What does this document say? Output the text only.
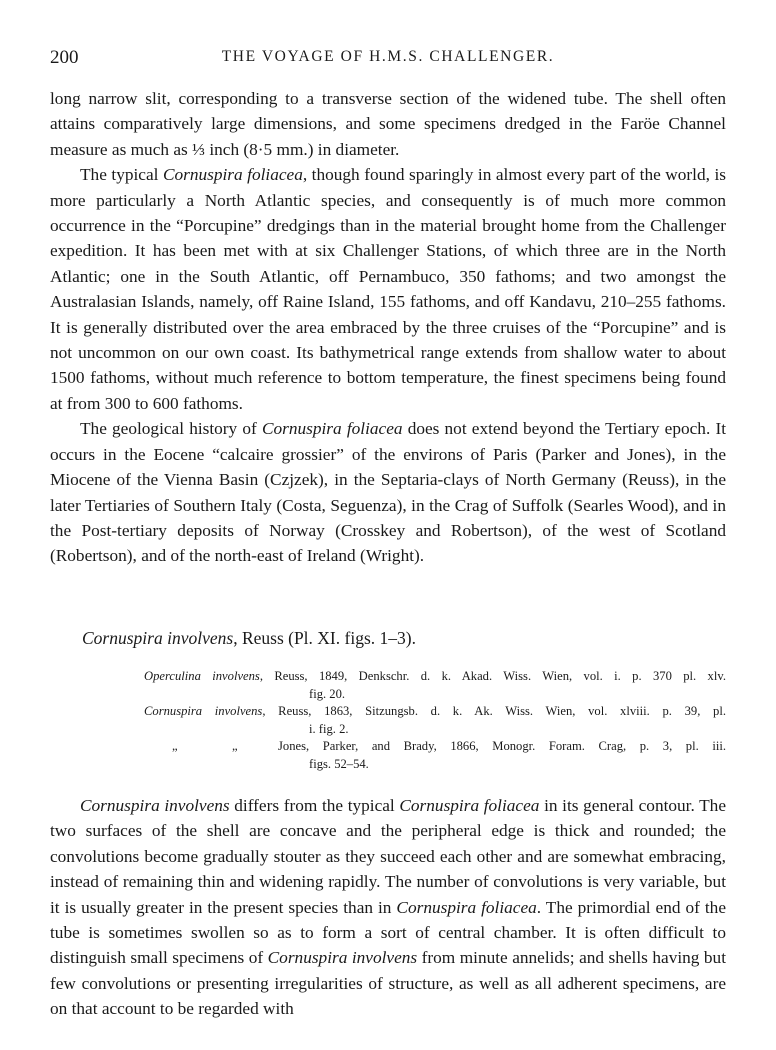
200	THE VOYAGE OF H.M.S. CHALLENGER.

long narrow slit, corresponding to a transverse section of the widened tube. The shell often attains comparatively large dimensions, and some specimens dredged in the Faröe Channel measure as much as ⅓ inch (8·5 mm.) in diameter.

The typical Cornuspira foliacea, though found sparingly in almost every part of the world, is more particularly a North Atlantic species, and consequently is of much more common occurrence in the “Porcupine” dredgings than in the material brought home from the Challenger expedition. It has been met with at six Challenger Stations, of which three are in the North Atlantic; one in the South Atlantic, off Pernambuco, 350 fathoms; and two amongst the Australasian Islands, namely, off Raine Island, 155 fathoms, and off Kandavu, 210–255 fathoms. It is generally distributed over the area embraced by the three cruises of the “Porcupine” and is not uncommon on our own coast. Its bathymetrical range extends from shallow water to about 1500 fathoms, without much reference to bottom temperature, the finest specimens being found at from 300 to 600 fathoms.

The geological history of Cornuspira foliacea does not extend beyond the Tertiary epoch. It occurs in the Eocene “calcaire grossier” of the environs of Paris (Parker and Jones), in the Miocene of the Vienna Basin (Czjzek), in the Septaria-clays of North Germany (Reuss), in the later Tertiaries of Southern Italy (Costa, Seguenza), in the Crag of Suffolk (Searles Wood), and in the Post-tertiary deposits of Norway (Crosskey and Robertson), of the west of Scotland (Robertson), and of the north-east of Ireland (Wright).

Cornuspira involvens, Reuss (Pl. XI. figs. 1–3).
Operculina involvens, Reuss, 1849, Denkschr. d. k. Akad. Wiss. Wien, vol. i. p. 370 pl. xlv.
fig. 20.
Cornuspira involvens, Reuss, 1863, Sitzungsb. d. k. Ak. Wiss. Wien, vol. xlviii. p. 39, pl.
i. fig. 2.
„	„	Jones, Parker, and Brady, 1866, Monogr. Foram. Crag, p. 3, pl. iii.
figs. 52–54.

Cornuspira involvens differs from the typical Cornuspira foliacea in its general contour. The two surfaces of the shell are concave and the peripheral edge is thick and rounded; the convolutions become gradually stouter as they succeed each other and are somewhat embracing, instead of remaining thin and widening rapidly. The number of convolutions is very variable, but it is usually greater in the present species than in Cornuspira foliacea. The primordial end of the tube is sometimes swollen so as to form a sort of central chamber. It is often difficult to distinguish small specimens of Cornuspira involvens from minute annelids; and shells having but few convolutions or presenting irregularities of structure, as well as all adherent specimens, are on that account to be regarded with
